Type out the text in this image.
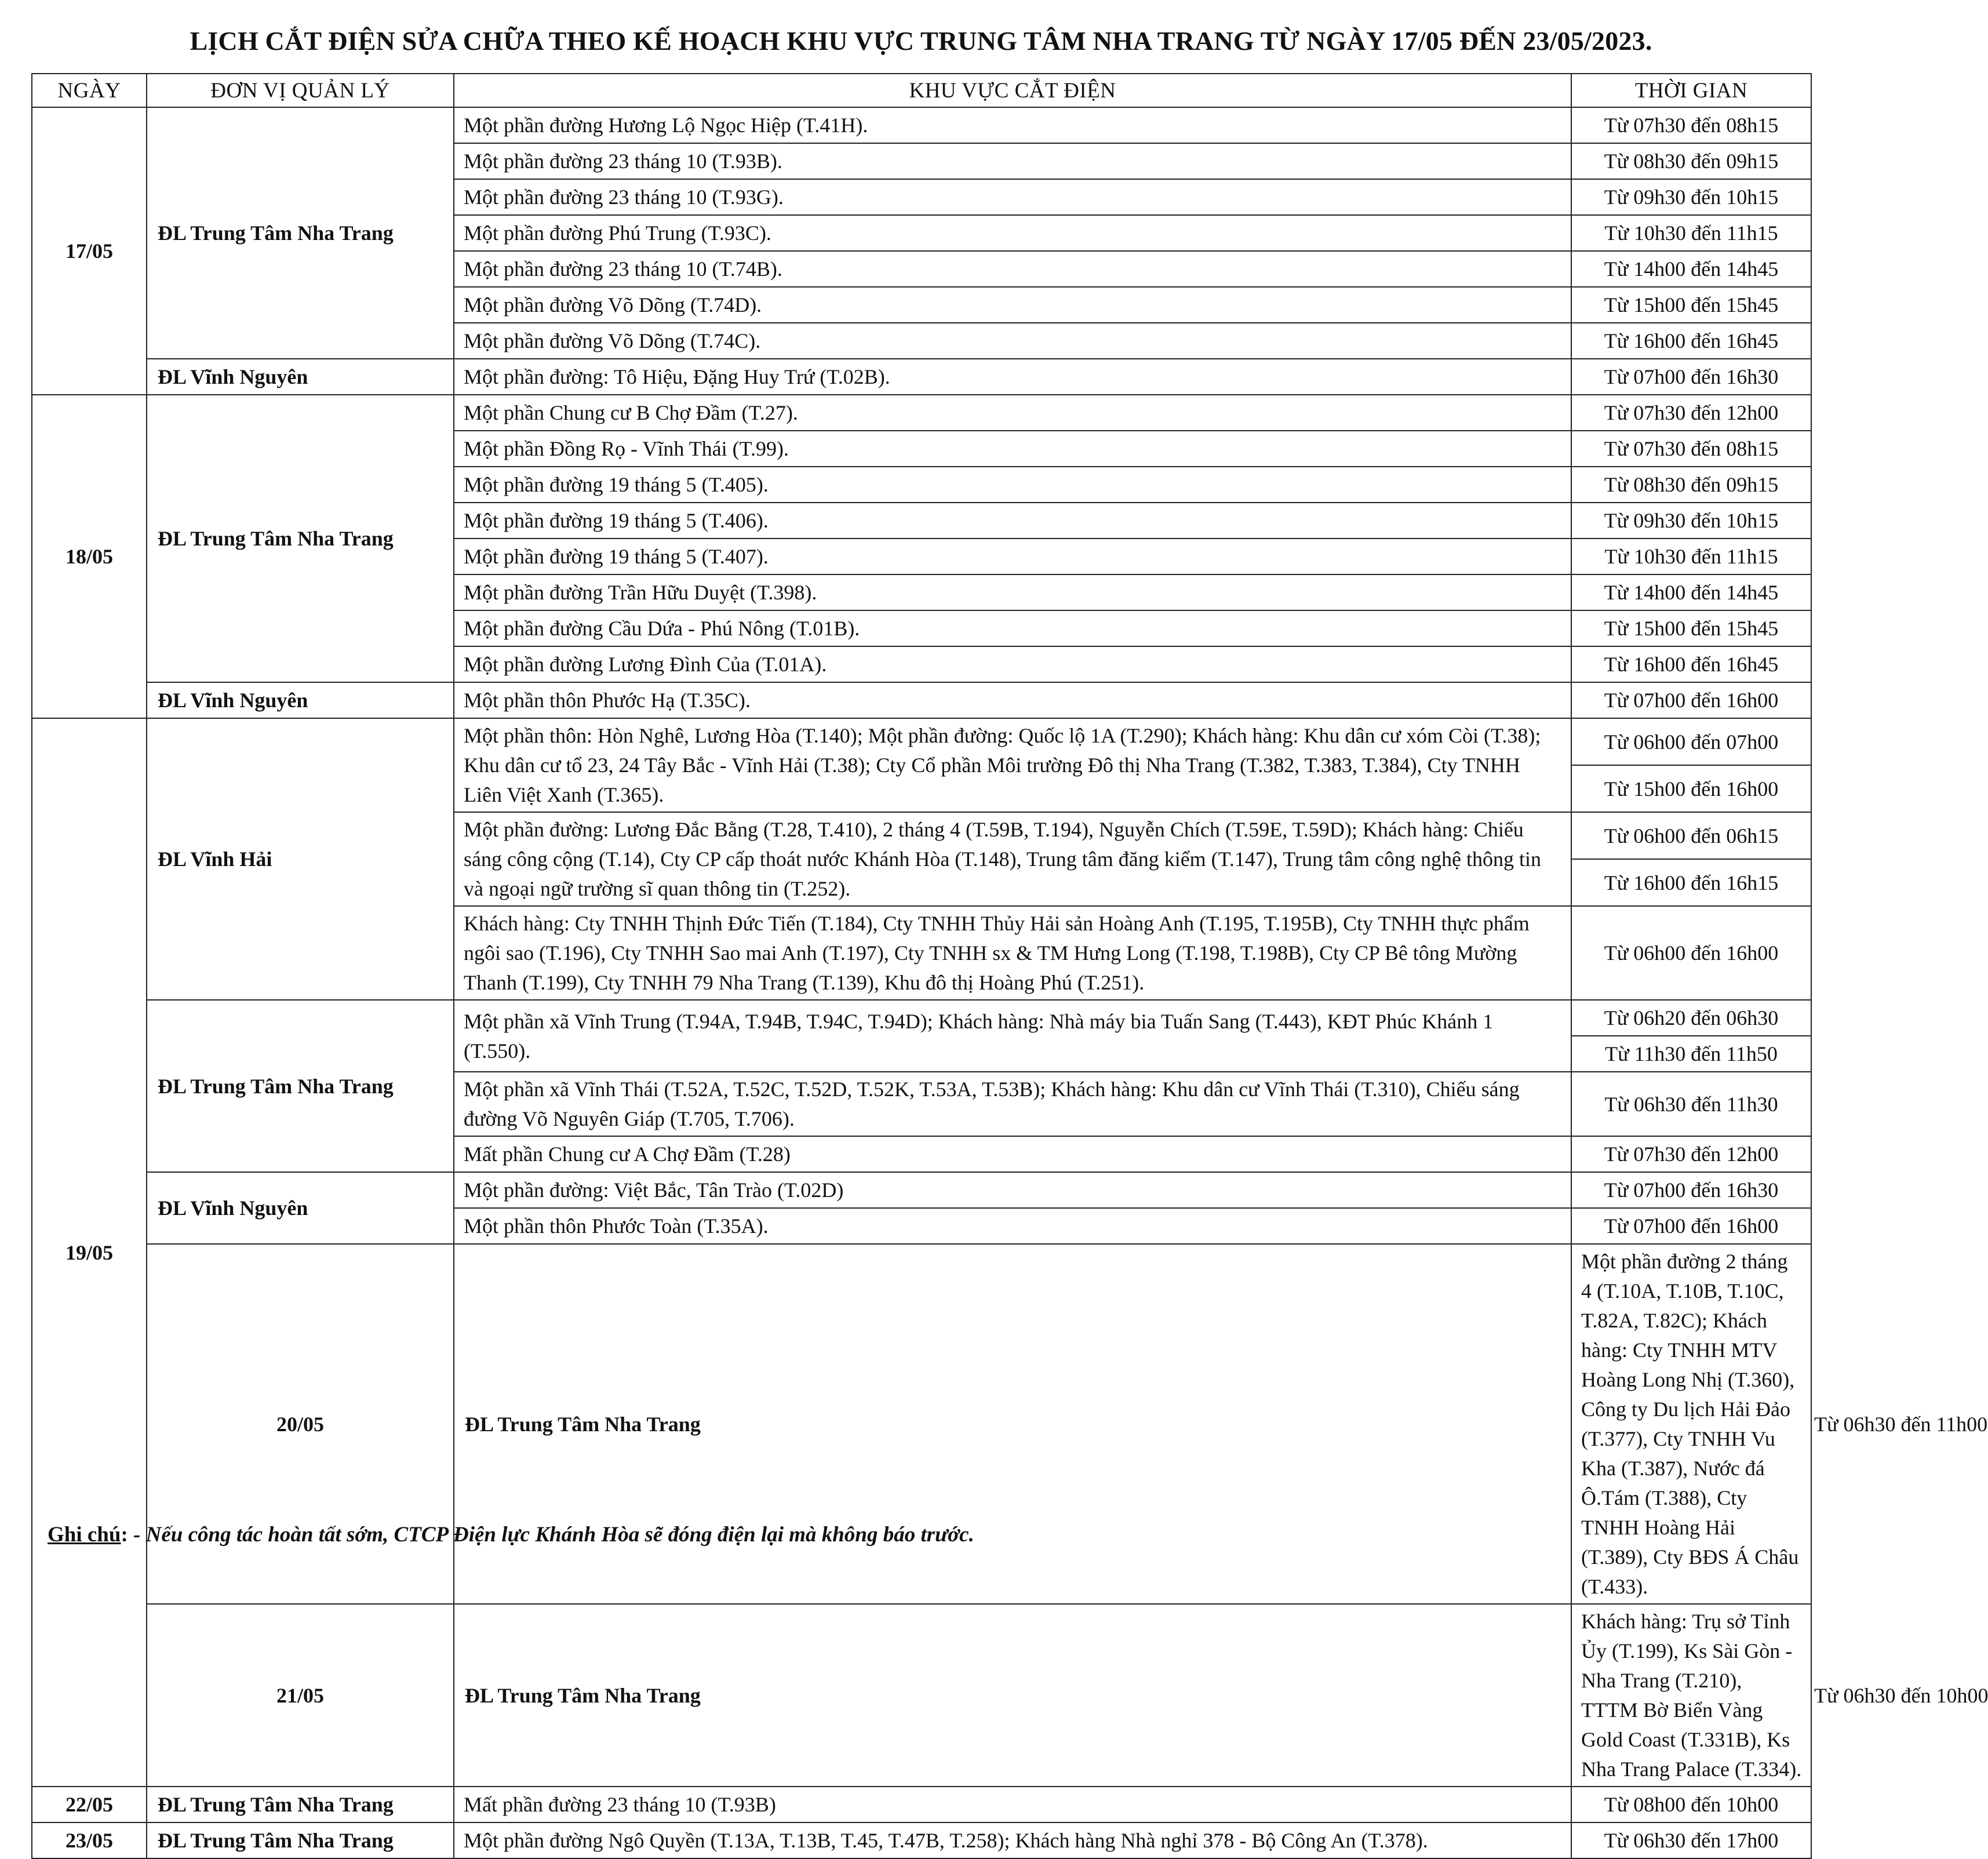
LỊCH CẮT ĐIỆN SỬA CHỮA THEO KẾ HOẠCH KHU VỰC TRUNG TÂM NHA TRANG TỪ NGÀY 17/05 ĐẾN 23/05/2023.
NGÀY	ĐƠN VỊ QUẢN LÝ	KHU VỰC CẮT ĐIỆN	THỜI GIAN	
17/05	ĐL Trung Tâm Nha Trang	Một phần đường Hương Lộ Ngọc Hiệp (T.41H).	Từ 07h30 đến 08h15	
		Một phần đường 23 tháng 10 (T.93B).	Từ 08h30 đến 09h15	
		Một phần đường 23 tháng 10 (T.93G).	Từ 09h30 đến 10h15	
		Một phần đường Phú Trung (T.93C).	Từ 10h30 đến 11h15	
		Một phần đường 23 tháng 10 (T.74B).	Từ 14h00 đến 14h45	
		Một phần đường Võ Dõng (T.74D).	Từ 15h00 đến 15h45	
		Một phần đường Võ Dõng (T.74C).	Từ 16h00 đến 16h45	
	ĐL Vĩnh Nguyên	Một phần đường: Tô Hiệu, Đặng Huy Trứ (T.02B).	Từ 07h00 đến 16h30	
18/05	ĐL Trung Tâm Nha Trang	Một phần Chung cư B Chợ Đầm (T.27).	Từ 07h30 đến 12h00	
		Một phần Đồng Rọ - Vĩnh Thái (T.99).	Từ 07h30 đến 08h15	
		Một phần đường 19 tháng 5 (T.405).	Từ 08h30 đến 09h15	
		Một phần đường 19 tháng 5 (T.406).	Từ 09h30 đến 10h15	
		Một phần đường 19 tháng 5 (T.407).	Từ 10h30 đến 11h15	
		Một phần đường Trần Hữu Duyệt (T.398).	Từ 14h00 đến 14h45	
		Một phần đường Cầu Dứa - Phú Nông (T.01B).	Từ 15h00 đến 15h45	
		Một phần đường Lương Đình Của (T.01A).	Từ 16h00 đến 16h45	
	ĐL Vĩnh Nguyên	Một phần thôn Phước Hạ (T.35C).	Từ 07h00 đến 16h00	
19/05	ĐL Vĩnh Hải	Một phần thôn: Hòn Nghê, Lương Hòa (T.140); Một phần đường: Quốc lộ 1A (T.290); Khách hàng: Khu dân cư xóm Còi (T.38); Khu dân cư tổ 23, 24 Tây Bắc - Vĩnh Hải (T.38); Cty Cổ phần Môi trường Đô thị Nha Trang (T.382, T.383, T.384), Cty TNHH Liên Việt Xanh (T.365).	Từ 06h00 đến 07h00	
			Từ 15h00 đến 16h00	
		Một phần đường: Lương Đắc Bằng (T.28, T.410), 2 tháng 4 (T.59B, T.194), Nguyễn Chích (T.59E, T.59D); Khách hàng: Chiếu sáng công cộng (T.14), Cty CP cấp thoát nước Khánh Hòa (T.148), Trung tâm đăng kiểm (T.147), Trung tâm công nghệ thông tin và ngoại ngữ trường sĩ quan thông tin (T.252).	Từ 06h00 đến 06h15	
			Từ 16h00 đến 16h15	
		Khách hàng: Cty TNHH Thịnh Đức Tiến (T.184), Cty TNHH Thủy Hải sản Hoàng Anh (T.195, T.195B), Cty TNHH thực phẩm ngôi sao (T.196), Cty TNHH Sao mai Anh (T.197), Cty TNHH sx & TM Hưng Long (T.198, T.198B), Cty CP Bê tông Mường Thanh (T.199), Cty TNHH 79 Nha Trang (T.139), Khu đô thị Hoàng Phú (T.251).	Từ 06h00 đến 16h00	
	ĐL Trung Tâm Nha Trang	Một phần xã Vĩnh Trung (T.94A, T.94B, T.94C, T.94D); Khách hàng: Nhà máy bia Tuấn Sang (T.443), KĐT Phúc Khánh 1 (T.550).	Từ 06h20 đến 06h30	
			Từ 11h30 đến 11h50	
		Một phần xã Vĩnh Thái (T.52A, T.52C, T.52D, T.52K, T.53A, T.53B); Khách hàng: Khu dân cư Vĩnh Thái (T.310), Chiếu sáng đường Võ Nguyên Giáp (T.705, T.706).	Từ 06h30 đến 11h30	
		Mất phần Chung cư A Chợ Đầm (T.28)	Từ 07h30 đến 12h00	
	ĐL Vĩnh Nguyên	Một phần đường: Việt Bắc, Tân Trào (T.02D)	Từ 07h00 đến 16h30	
		Một phần thôn Phước Toàn (T.35A).	Từ 07h00 đến 16h00	
	20/05	ĐL Trung Tâm Nha Trang	Một phần đường 2 tháng 4 (T.10A, T.10B, T.10C, T.82A, T.82C); Khách hàng: Cty TNHH MTV Hoàng Long Nhị (T.360), Công ty Du lịch Hải Đảo (T.377), Cty TNHH Vu Kha (T.387), Nước đá Ô.Tám (T.388), Cty TNHH Hoàng Hải (T.389), Cty BĐS Á Châu (T.433).	Từ 06h30 đến 11h00
	21/05	ĐL Trung Tâm Nha Trang	Khách hàng: Trụ sở Tỉnh Ủy (T.199), Ks Sài Gòn - Nha Trang (T.210), TTTM Bờ Biển Vàng Gold Coast (T.331B), Ks Nha Trang Palace (T.334).	Từ 06h30 đến 10h00
22/05	ĐL Trung Tâm Nha Trang	Mất phần đường 23 tháng 10 (T.93B)	Từ 08h00 đến 10h00	
23/05	ĐL Trung Tâm Nha Trang	Một phần đường Ngô Quyền (T.13A, T.13B, T.45, T.47B, T.258); Khách hàng Nhà nghỉ 378 - Bộ Công An (T.378).	Từ 06h30 đến 17h00	
Ghi chú: - Nếu công tác hoàn tất sớm, CTCP Điện lực Khánh Hòa sẽ đóng điện lại mà không báo trước.
